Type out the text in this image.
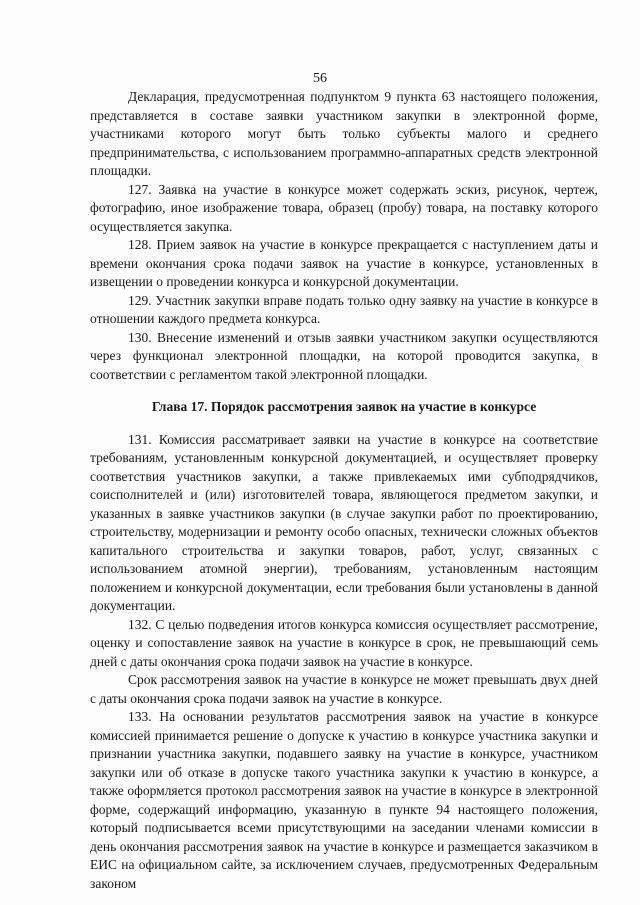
56

Декларация, предусмотренная подпунктом 9 пункта 63 настоящего положения, представляется в составе заявки участником закупки в электронной форме, участниками которого могут быть только субъекты малого и среднего предпринимательства, с использованием программно-аппаратных средств электронной площадки.

127. Заявка на участие в конкурсе может содержать эскиз, рисунок, чертеж, фотографию, иное изображение товара, образец (пробу) товара, на поставку которого осуществляется закупка.

128. Прием заявок на участие в конкурсе прекращается с наступлением даты и времени окончания срока подачи заявок на участие в конкурсе, установленных в извещении о проведении конкурса и конкурсной документации.

129. Участник закупки вправе подать только одну заявку на участие в конкурсе в отношении каждого предмета конкурса.

130. Внесение изменений и отзыв заявки участником закупки осуществляются через функционал электронной площадки, на которой проводится закупка, в соответствии с регламентом такой электронной площадки.

Глава 17. Порядок рассмотрения заявок на участие в конкурсе

131. Комиссия рассматривает заявки на участие в конкурсе на соответствие требованиям, установленным конкурсной документацией, и осуществляет проверку соответствия участников закупки, а также привлекаемых ими субподрядчиков, соисполнителей и (или) изготовителей товара, являющегося предметом закупки, и указанных в заявке участников закупки (в случае закупки работ по проектированию, строительству, модернизации и ремонту особо опасных, технически сложных объектов капитального строительства и закупки товаров, работ, услуг, связанных с использованием атомной энергии), требованиям, установленным настоящим положением и конкурсной документации, если требования были установлены в данной документации.

132. С целью подведения итогов конкурса комиссия осуществляет рассмотрение, оценку и сопоставление заявок на участие в конкурсе в срок, не превышающий семь дней с даты окончания срока подачи заявок на участие в конкурсе.

Срок рассмотрения заявок на участие в конкурсе не может превышать двух дней с даты окончания срока подачи заявок на участие в конкурсе.

133. На основании результатов рассмотрения заявок на участие в конкурсе комиссией принимается решение о допуске к участию в конкурсе участника закупки и признании участника закупки, подавшего заявку на участие в конкурсе, участником закупки или об отказе в допуске такого участника закупки к участию в конкурсе, а также оформляется протокол рассмотрения заявок на участие в конкурсе в электронной форме, содержащий информацию, указанную в пункте 94 настоящего положения, который подписывается всеми присутствующими на заседании членами комиссии в день окончания рассмотрения заявок на участие в конкурсе и размещается заказчиком в ЕИС на официальном сайте, за исключением случаев, предусмотренных Федеральным законом
